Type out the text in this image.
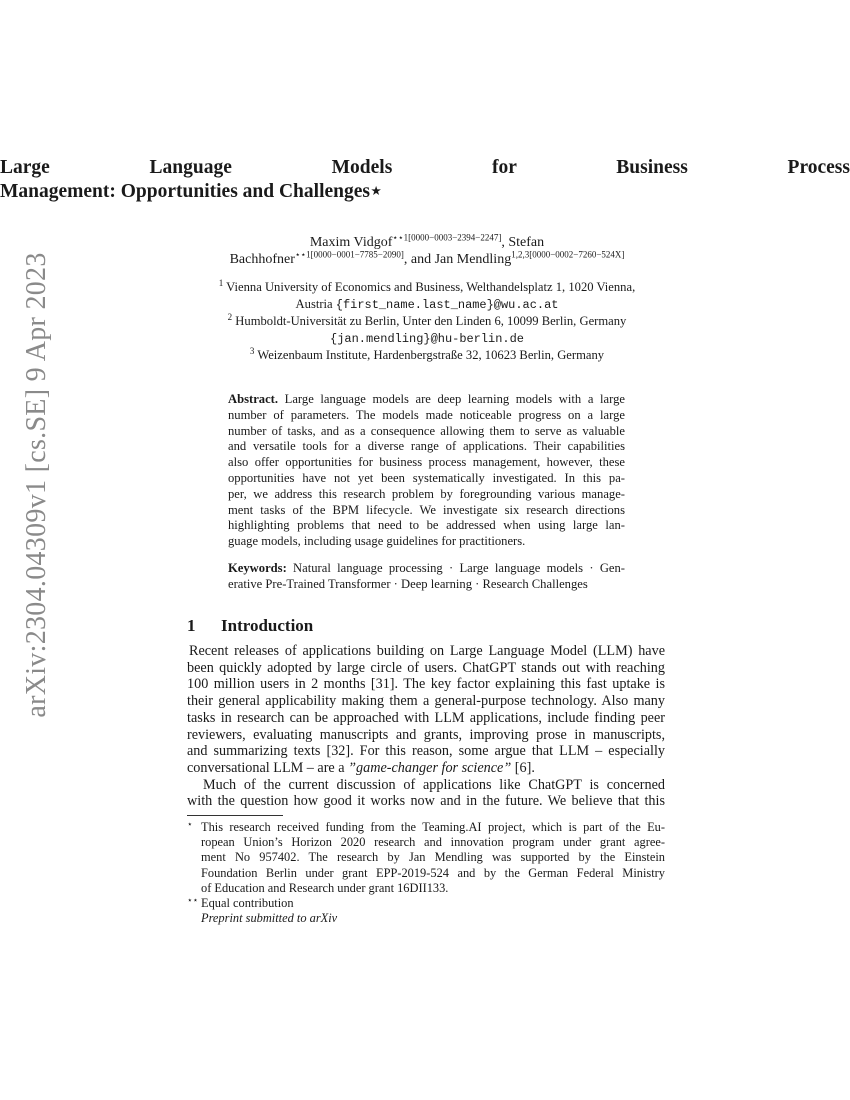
arXiv:2304.04309v1 [cs.SE] 9 Apr 2023
Large Language Models for Business Process
Management: Opportunities and Challenges⋆
Maxim Vidgof$^{⋆⋆1[0000-0003-2394-2247]}$, Stefan
Bachhofner$^{⋆⋆1[0000-0001-7785-2090]}$, and Jan Mendling$^{1,2,3[0000-0002-7260-524X]}$
$^1$ Vienna University of Economics and Business, Welthandelsplatz 1, 1020 Vienna,
Austria {first_name.last_name}@wu.ac.at
$^2$ Humboldt-Universität zu Berlin, Unter den Linden 6, 10099 Berlin, Germany
{jan.mendling}@hu-berlin.de
$^3$ Weizenbaum Institute, Hardenbergstraße 32, 10623 Berlin, Germany
Abstract. Large language models are deep learning models with a large
number of parameters. The models made noticeable progress on a large
number of tasks, and as a consequence allowing them to serve as valuable
and versatile tools for a diverse range of applications. Their capabilities
also offer opportunities for business process management, however, these
opportunities have not yet been systematically investigated. In this pa-
per, we address this research problem by foregrounding various manage-
ment tasks of the BPM lifecycle. We investigate six research directions
highlighting problems that need to be addressed when using large lan-
guage models, including usage guidelines for practitioners.
Keywords: Natural language processing · Large language models · Gen-
erative Pre-Trained Transformer · Deep learning · Research Challenges
1 Introduction
Recent releases of applications building on Large Language Model (LLM) have
been quickly adopted by large circle of users. ChatGPT stands out with reaching
100 million users in 2 months [31]. The key factor explaining this fast uptake is
their general applicability making them a general-purpose technology. Also many
tasks in research can be approached with LLM applications, include finding peer
reviewers, evaluating manuscripts and grants, improving prose in manuscripts,
and summarizing texts [32]. For this reason, some argue that LLM – especially
conversational LLM – are a ”game-changer for science” [6].
Much of the current discussion of applications like ChatGPT is concerned
with the question how good it works now and in the future. We believe that this
⋆ This research received funding from the Teaming.AI project, which is part of the Eu-
ropean Union’s Horizon 2020 research and innovation program under grant agree-
ment No 957402. The research by Jan Mendling was supported by the Einstein
Foundation Berlin under grant EPP-2019-524 and by the German Federal Ministry
of Education and Research under grant 16DII133.
⋆⋆ Equal contribution
Preprint submitted to arXiv
